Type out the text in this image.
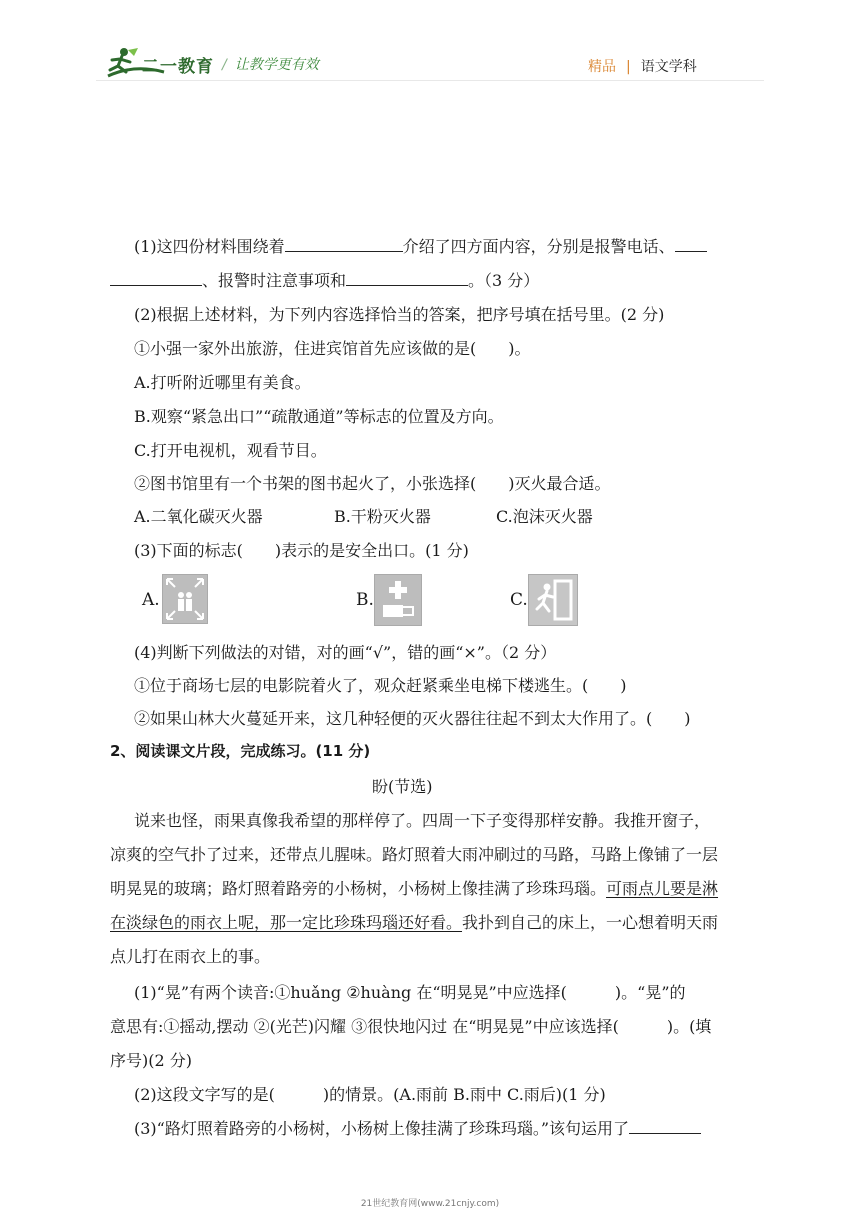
二一教育 / 让教学更有效	精品 | 语文学科
(1)这四份材料围绕着	介绍了四方面内容，分别是报警电话、
、报警时注意事项和	。（3 分）
(2)根据上述材料，为下列内容选择恰当的答案，把序号填在括号里。(2 分)
①小强一家外出旅游，住进宾馆首先应该做的是(　　)。
A.打听附近哪里有美食。
B.观察“紧急出口”“疏散通道”等标志的位置及方向。
C.打开电视机，观看节目。
②图书馆里有一个书架的图书起火了，小张选择(　　)灭火最合适。
A.二氧化碳灭火器	B.干粉灭火器	C.泡沫灭火器
(3)下面的标志(　　)表示的是安全出口。(1 分)
A.	B.	C.
(4)判断下列做法的对错，对的画“√”，错的画“×”。（2 分）
①位于商场七层的电影院着火了，观众赶紧乘坐电梯下楼逃生。(　　)
②如果山林大火蔓延开来，这几种轻便的灭火器往往起不到太大作用了。(　　)
2、阅读课文片段，完成练习。(11 分)
盼(节选)
说来也怪，雨果真像我希望的那样停了。四周一下子变得那样安静。我推开窗子，
凉爽的空气扑了过来，还带点儿腥味。路灯照着大雨冲刷过的马路，马路上像铺了一层
明晃晃的玻璃；路灯照着路旁的小杨树，小杨树上像挂满了珍珠玛瑙。可雨点儿要是淋
在淡绿色的雨衣上呢，那一定比珍珠玛瑙还好看。我扑到自己的床上，一心想着明天雨
点儿打在雨衣上的事。
(1)“晃”有两个读音:①huǎng ②huàng 在“明晃晃”中应选择(　　　)。“晃”的
意思有:①摇动,摆动 ②(光芒)闪耀 ③很快地闪过 在“明晃晃”中应该选择(　　　)。(填
序号)(2 分)
(2)这段文字写的是(　　　)的情景。(A.雨前 B.雨中 C.雨后)(1 分)
(3)“路灯照着路旁的小杨树，小杨树上像挂满了珍珠玛瑙。”该句运用了
21世纪教育网(www.21cnjy.com)
